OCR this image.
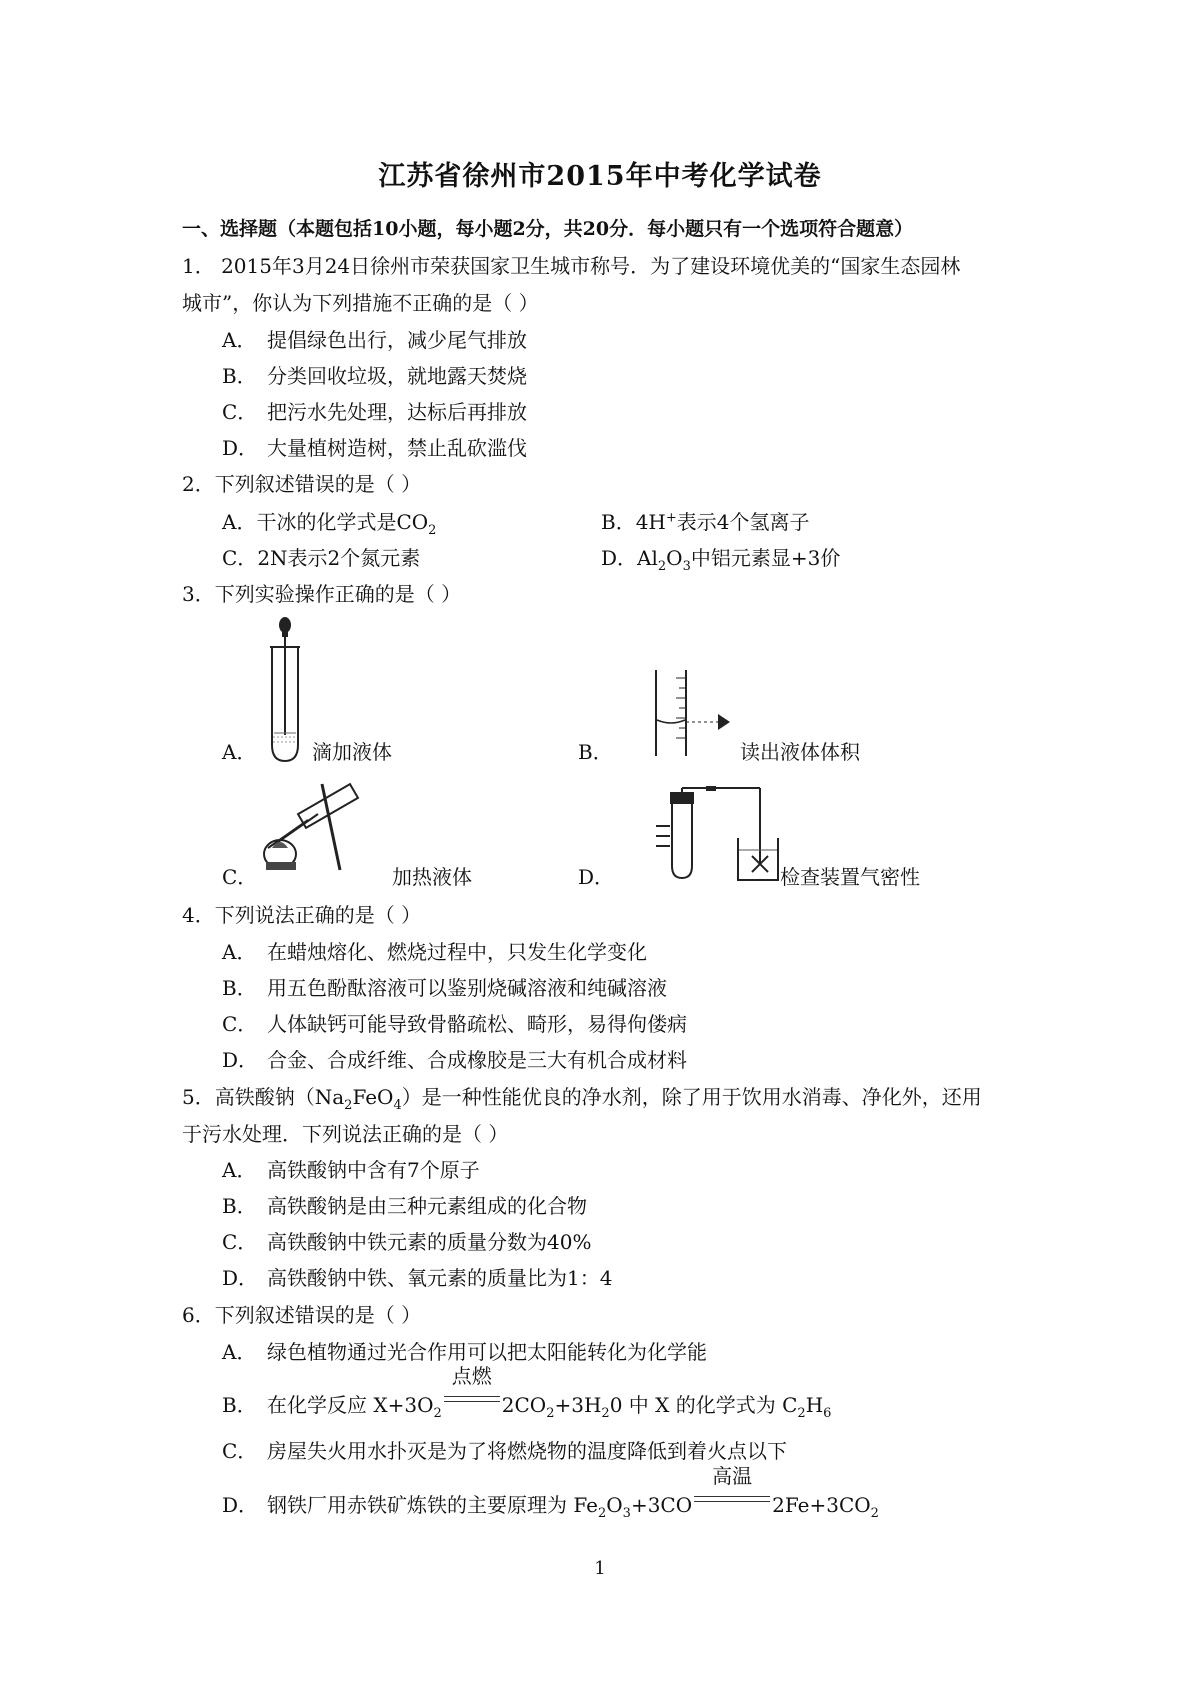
江苏省徐州市2015年中考化学试卷
一、选择题（本题包括10小题，每小题2分，共20分．每小题只有一个选项符合题意）
1． 2015年3月24日徐州市荣获国家卫生城市称号．为了建设环境优美的“国家生态园林
城市”，你认为下列措施不正确的是（ ）
A． 提倡绿色出行，减少尾气排放
B． 分类回收垃圾，就地露天焚烧
C． 把污水先处理，达标后再排放
D． 大量植树造树，禁止乱砍滥伐
2．下列叙述错误的是（ ）
A．干冰的化学式是$CO_2$	B．4H+表示4个氢离子
C．2N表示2个氮元素	D．$Al_2O_3$中铝元素显+3价
3．下列实验操作正确的是（ ）
A．	滴加液体	B．	读出液体体积
C．	加热液体	D．	检查装置气密性
4．下列说法正确的是（ ）
A． 在蜡烛熔化、燃烧过程中，只发生化学变化
B． 用五色酚酞溶液可以鉴别烧碱溶液和纯碱溶液
C． 人体缺钙可能导致骨骼疏松、畸形，易得佝偻病
D． 合金、合成纤维、合成橡胶是三大有机合成材料
5．高铁酸钠$(Na_2FeO_4)$是一种性能优良的净水剂，除了用于饮用水消毒、净化外，还用
于污水处理．下列说法正确的是（ ）
A． 高铁酸钠中含有7个原子
B． 高铁酸钠是由三种元素组成的化合物
C． 高铁酸钠中铁元素的质量分数为40%
D． 高铁酸钠中铁、氧元素的质量比为1：4
6．下列叙述错误的是（ ）
A． 绿色植物通过光合作用可以把太阳能转化为化学能
B． 在化学反应 $X+3O_2$
点燃
$2CO_2+3H_20$ 中 X 的化学式为 $C_2H_6$
C． 房屋失火用水扑灭是为了将燃烧物的温度降低到着火点以下
D． 钢铁厂用赤铁矿炼铁的主要原理为 $Fe_2O_3+3CO$
高温
$2Fe+3CO_2$
1
